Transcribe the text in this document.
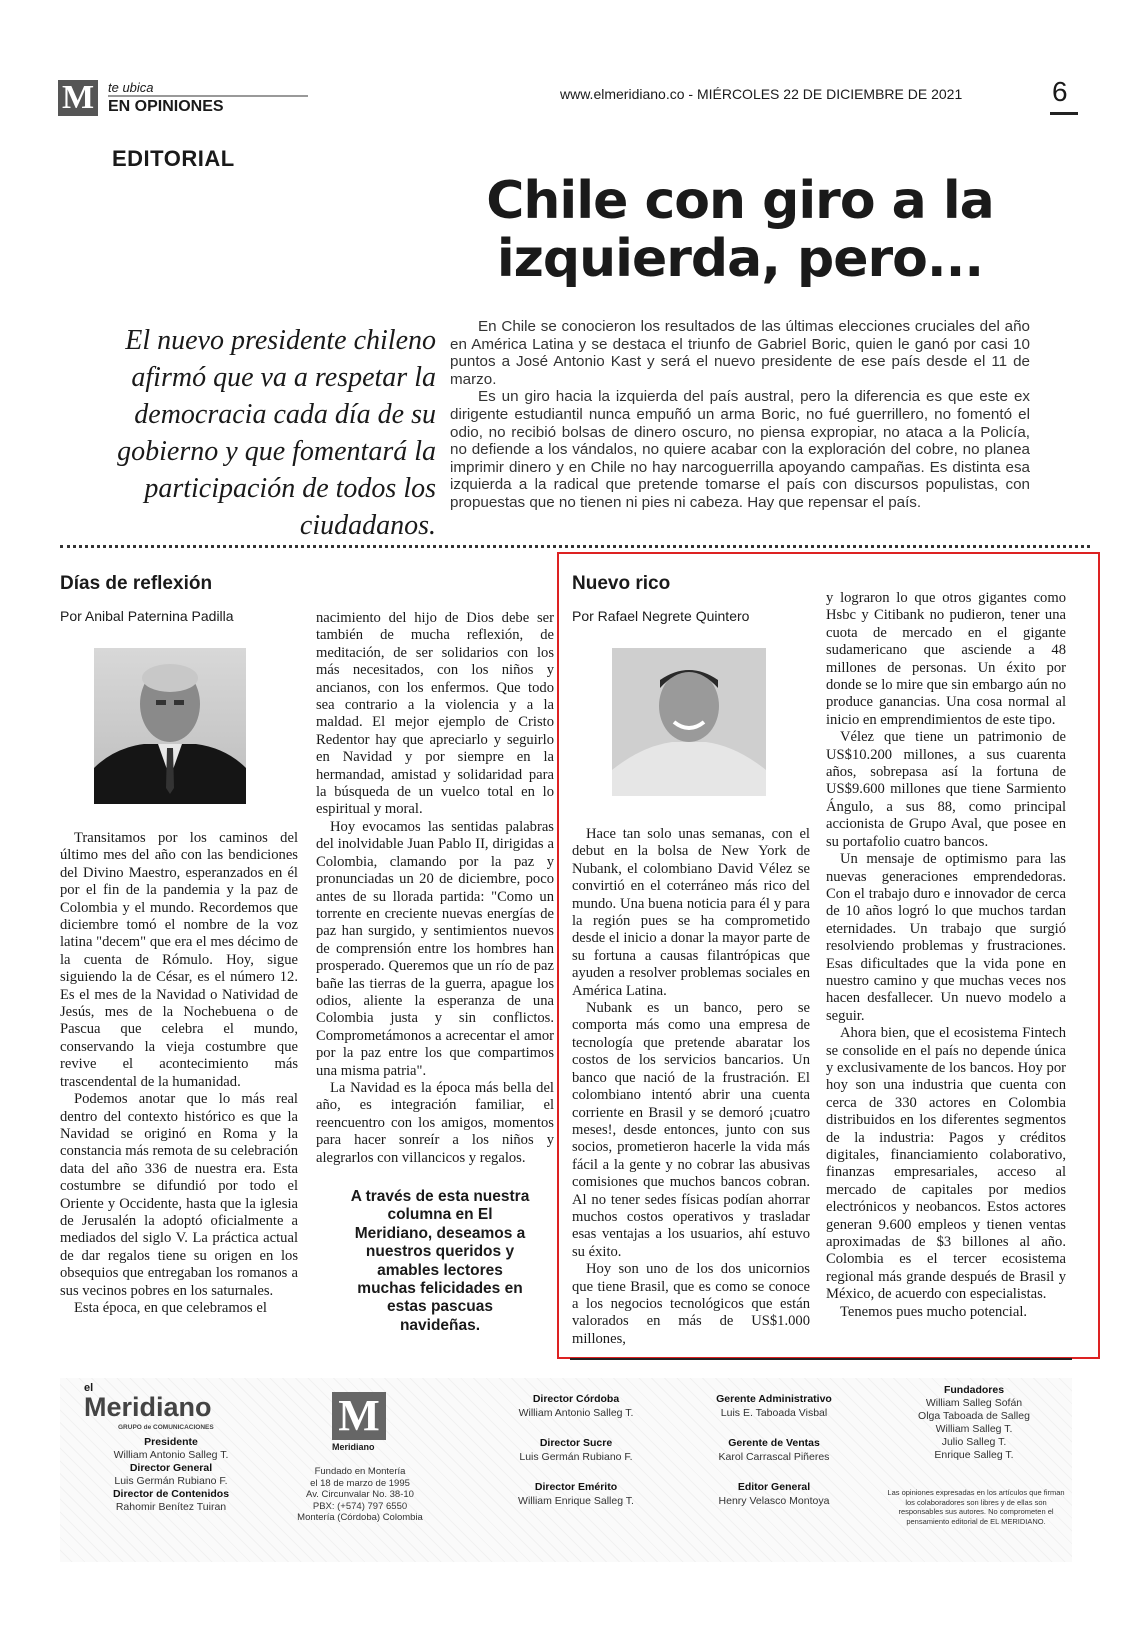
M	te ubica
EN OPINIONES
www.elmeridiano.co - MIÉRCOLES 22 DE DICIEMBRE DE 2021	6
EDITORIAL
Chile con giro a la
izquierda, pero...
El nuevo presidente chileno afirmó que va a respetar la democracia cada día de su gobierno y que fomentará la participación de todos los ciudadanos.

En Chile se conocieron los resultados de las últimas elecciones cruciales del año en América Latina y se destaca el triunfo de Gabriel Boric, quien le ganó por casi 10 puntos a José Antonio Kast y será el nuevo presidente de ese país desde el 11 de marzo.

Es un giro hacia la izquierda del país austral, pero la diferencia es que este ex dirigente estudiantil nunca empuñó un arma Boric, no fué guerrillero, no fomentó el odio, no recibió bolsas de dinero oscuro, no piensa expropiar, no ataca a la Policía, no defiende a los vándalos, no quiere acabar con la exploración del cobre, no planea imprimir dinero y en Chile no hay narcoguerrilla apoyando campañas. Es distinta esa izquierda a la radical que pretende tomarse el país con discursos populistas, con propuestas que no tienen ni pies ni cabeza. Hay que repensar el país.

Días de reflexión
Por Anibal Paternina Padilla

Transitamos por los caminos del último mes del año con las bendiciones del Divino Maestro, esperanzados en él por el fin de la pandemia y la paz de Colombia y el mundo. Recordemos que diciembre tomó el nombre de la voz latina "decem" que era el mes décimo de la cuenta de Rómulo. Hoy, sigue siguiendo la de César, es el número 12. Es el mes de la Navidad o Natividad de Jesús, mes de la Nochebuena o de Pascua que celebra el mundo, conservando la vieja costumbre que revive el acontecimiento más trascendental de la humanidad.

Podemos anotar que lo más real dentro del contexto histórico es que la Navidad se originó en Roma y la constancia más remota de su celebración data del año 336 de nuestra era. Esta costumbre se difundió por todo el Oriente y Occidente, hasta que la iglesia de Jerusalén la adoptó oficialmente a mediados del siglo V. La práctica actual de dar regalos tiene su origen en los obsequios que entregaban los romanos a sus vecinos pobres en los saturnales.

Esta época, en que celebramos el

nacimiento del hijo de Dios debe ser también de mucha reflexión, de meditación, de ser solidarios con los más necesitados, con los niños y ancianos, con los enfermos. Que todo sea contrario a la violencia y a la maldad. El mejor ejemplo de Cristo Redentor hay que apreciarlo y seguirlo en Navidad y por siempre en la hermandad, amistad y solidaridad para la búsqueda de un vuelco total en lo espiritual y moral.

Hoy evocamos las sentidas palabras del inolvidable Juan Pablo II, dirigidas a Colombia, clamando por la paz y pronunciadas un 20 de diciembre, poco antes de su llorada partida: "Como un torrente en creciente nuevas energías de paz han surgido, y sentimientos nuevos de comprensión entre los hombres han prosperado. Queremos que un río de paz bañe las tierras de la guerra, apague los odios, aliente la esperanza de una Colombia justa y sin conflictos. Comprometámonos a acrecentar el amor por la paz entre los que compartimos una misma patria".

La Navidad es la época más bella del año, es integración familiar, el reencuentro con los amigos, momentos para hacer sonreír a los niños y alegrarlos con villancicos y regalos.

A través de esta nuestra columna en El Meridiano, deseamos a nuestros queridos y amables lectores muchas felicidades en estas pascuas navideñas.
Nuevo rico
Por Rafael Negrete Quintero

Hace tan solo unas semanas, con el debut en la bolsa de New York de Nubank, el colombiano David Vélez se convirtió en el coterráneo más rico del mundo. Una buena noticia para él y para la región pues se ha comprometido desde el inicio a donar la mayor parte de su fortuna a causas filantrópicas que ayuden a resolver problemas sociales en América Latina.

Nubank es un banco, pero se comporta más como una empresa de tecnología que pretende abaratar los costos de los servicios bancarios. Un banco que nació de la frustración. El colombiano intentó abrir una cuenta corriente en Brasil y se demoró ¡cuatro meses!, desde entonces, junto con sus socios, prometieron hacerle la vida más fácil a la gente y no cobrar las abusivas comisiones que muchos bancos cobran. Al no tener sedes físicas podían ahorrar muchos costos operativos y trasladar esas ventajas a los usuarios, ahí estuvo su éxito.

Hoy son uno de los dos unicornios que tiene Brasil, que es como se conoce a los negocios tecnológicos que están valorados en más de US$1.000 millones,

y lograron lo que otros gigantes como Hsbc y Citibank no pudieron, tener una cuota de mercado en el gigante sudamericano que asciende a 48 millones de personas. Un éxito por donde se lo mire que sin embargo aún no produce ganancias. Una cosa normal al inicio en emprendimientos de este tipo.

Vélez que tiene un patrimonio de US$10.200 millones, a sus cuarenta años, sobrepasa así la fortuna de US$9.600 millones que tiene Sarmiento Ángulo, a sus 88, como principal accionista de Grupo Aval, que posee en su portafolio cuatro bancos.

Un mensaje de optimismo para las nuevas generaciones emprendedoras. Con el trabajo duro e innovador de cerca de 10 años logró lo que muchos tardan eternidades. Un trabajo que surgió resolviendo problemas y frustraciones. Esas dificultades que la vida pone en nuestro camino y que muchas veces nos hacen desfallecer. Un nuevo modelo a seguir.

Ahora bien, que el ecosistema Fintech se consolide en el país no depende única y exclusivamente de los bancos. Hoy por hoy son una industria que cuenta con cerca de 330 actores en Colombia distribuidos en los diferentes segmentos de la industria: Pagos y créditos digitales, financiamiento colaborativo, finanzas empresariales, acceso al mercado de capitales por medios electrónicos y neobancos. Estos actores generan 9.600 empleos y tienen ventas aproximadas de $3 billones al año. Colombia es el tercer ecosistema regional más grande después de Brasil y México, de acuerdo con especialistas.

Tenemos pues mucho potencial.

el
Meridiano
GRUPO de COMUNICACIONES
Presidente
William Antonio Salleg T.
Director General
Luis Germán Rubiano F.
Director de Contenidos
Rahomir Benítez Tuiran
M
Meridiano
Fundado en Montería
el 18 de marzo de 1995
Av. Circunvalar No. 38-10
PBX: (+574) 797 6550
Montería (Córdoba) Colombia
Director Córdoba
William Antonio Salleg T.
Director Sucre
Luis Germán Rubiano F.
Director Emérito
William Enrique Salleg T.
Gerente Administrativo
Luis E. Taboada Visbal
Gerente de Ventas
Karol Carrascal Piñeres
Editor General
Henry Velasco Montoya
Fundadores
William Salleg Sofán
Olga Taboada de Salleg
William Salleg T.
Julio Salleg T.
Enrique Salleg T.
Las opiniones expresadas en los artículos que firman los colaboradores son libres y de ellas son responsables sus autores. No comprometen el pensamiento editorial de EL MERIDIANO.
